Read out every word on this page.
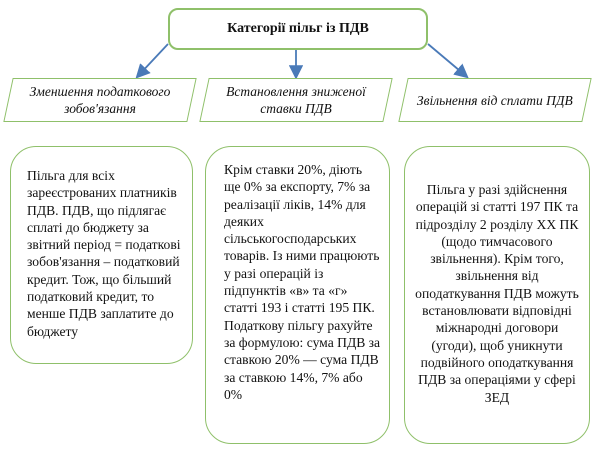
Категорії пільг із ПДВ
Зменшення податкового зобов'язання
Встановлення зниженої ставки ПДВ
Звільнення від сплати ПДВ

Пільга для всіх зареєстрованих платників ПДВ. ПДВ, що підлягає сплаті до бюджету за звітний період = податкові зобов'язання – податковий кредит. Тож, що більший податковий кредит, то менше ПДВ заплатите до бюджету

Крім ставки 20%, діють ще 0% за експорту, 7% за реалізації ліків, 14% для деяких сільськогосподарських товарів. Із ними працюють у разі операцій із підпунктів «в» та «г» статті 193 і статті 195 ПК. Податкову пільгу рахуйте за формулою: сума ПДВ за ставкою 20% — сума ПДВ за ставкою 14%, 7% або 0%

Пільга у разі здійснення операцій зі статті 197 ПК та підрозділу 2 розділу XX ПК (щодо тимчасового звільнення). Крім того, звільнення від оподаткування ПДВ можуть встановлювати відповідні міжнародні договори (угоди), щоб уникнути подвійного оподаткування ПДВ за операціями у сфері ЗЕД
